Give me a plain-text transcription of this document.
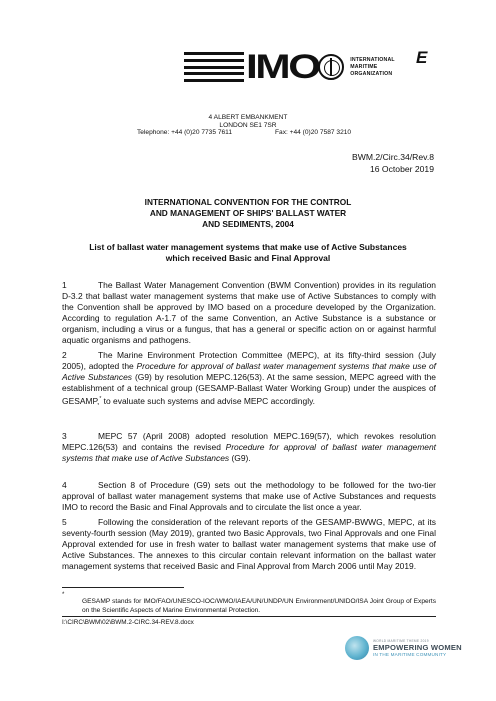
IMO	INTERNATIONAL
MARITIME
ORGANIZATION
E
4 ALBERT EMBANKMENT
LONDON SE1 7SR
Telephone: +44 (0)20 7735 7611	Fax: +44 (0)20 7587 3210
BWM.2/Circ.34/Rev.8
16 October 2019
INTERNATIONAL CONVENTION FOR THE CONTROL
AND MANAGEMENT OF SHIPS' BALLAST WATER
AND SEDIMENTS, 2004
List of ballast water management systems that make use of Active Substances
which received Basic and Final Approval
1	The Ballast Water Management Convention (BWM Convention) provides in its regulation D-3.2 that ballast water management systems that make use of Active Substances to comply with the Convention shall be approved by IMO based on a procedure developed by the Organization. According to regulation A-1.7 of the same Convention, an Active Substance is a substance or organism, including a virus or a fungus, that has a general or specific action on or against harmful aquatic organisms and pathogens.
2	The Marine Environment Protection Committee (MEPC), at its fifty-third session (July 2005), adopted the Procedure for approval of ballast water management systems that make use of Active Substances (G9) by resolution MEPC.126(53). At the same session, MEPC agreed with the establishment of a technical group (GESAMP-Ballast Water Working Group) under the auspices of GESAMP,* to evaluate such systems and advise MEPC accordingly.
3	MEPC 57 (April 2008) adopted resolution MEPC.169(57), which revokes resolution MEPC.126(53) and contains the revised Procedure for approval of ballast water management systems that make use of Active Substances (G9).
4	Section 8 of Procedure (G9) sets out the methodology to be followed for the two-tier approval of ballast water management systems that make use of Active Substances and requests IMO to record the Basic and Final Approvals and to circulate the list once a year.
5	Following the consideration of the relevant reports of the GESAMP-BWWG, MEPC, at its seventy-fourth session (May 2019), granted two Basic Approvals, two Final Approvals and one Final Approval extended for use in fresh water to ballast water management systems that make use of Active Substances. The annexes to this circular contain relevant information on the ballast water management systems that received Basic and Final Approval from March 2006 until May 2019.
*
GESAMP stands for IMO/FAO/UNESCO-IOC/WMO/IAEA/UN/UNDP/UN Environment/UNIDO/ISA Joint Group of Experts on the Scientific Aspects of Marine Environmental Protection.
I:\CIRC\BWM\02\BWM.2-CIRC.34-REV.8.docx
WORLD MARITIME THEME 2019
EMPOWERING WOMEN
IN THE MARITIME COMMUNITY
